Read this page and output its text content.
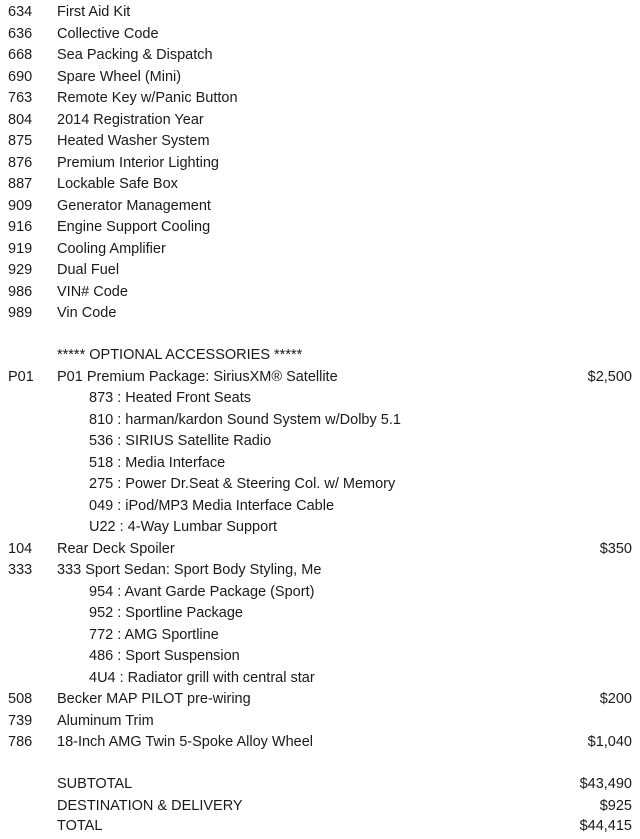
634 First Aid Kit
636 Collective Code
668 Sea Packing & Dispatch
690 Spare Wheel (Mini)
763 Remote Key w/Panic Button
804 2014 Registration Year
875 Heated Washer System
876 Premium Interior Lighting
887 Lockable Safe Box
909 Generator Management
916 Engine Support Cooling
919 Cooling Amplifier
929 Dual Fuel
986 VIN# Code
989 Vin Code
***** OPTIONAL ACCESSORIES *****
P01 P01 Premium Package: SiriusXM® Satellite	$2,500
873 : Heated Front Seats
810 : harman/kardon Sound System w/Dolby 5.1
536 : SIRIUS Satellite Radio
518 : Media Interface
275 : Power Dr.Seat & Steering Col. w/ Memory
049 : iPod/MP3 Media Interface Cable
U22 : 4-Way Lumbar Support
104 Rear Deck Spoiler	$350
333 333 Sport Sedan: Sport Body Styling, Me
954 : Avant Garde Package (Sport)
952 : Sportline Package
772 : AMG Sportline
486 : Sport Suspension
4U4 : Radiator grill with central star
508 Becker MAP PILOT pre-wiring	$200
739 Aluminum Trim
786 18-Inch AMG Twin 5-Spoke Alloy Wheel	$1,040
SUBTOTAL	$43,490
DESTINATION & DELIVERY	$925
TOTAL	$44,415
